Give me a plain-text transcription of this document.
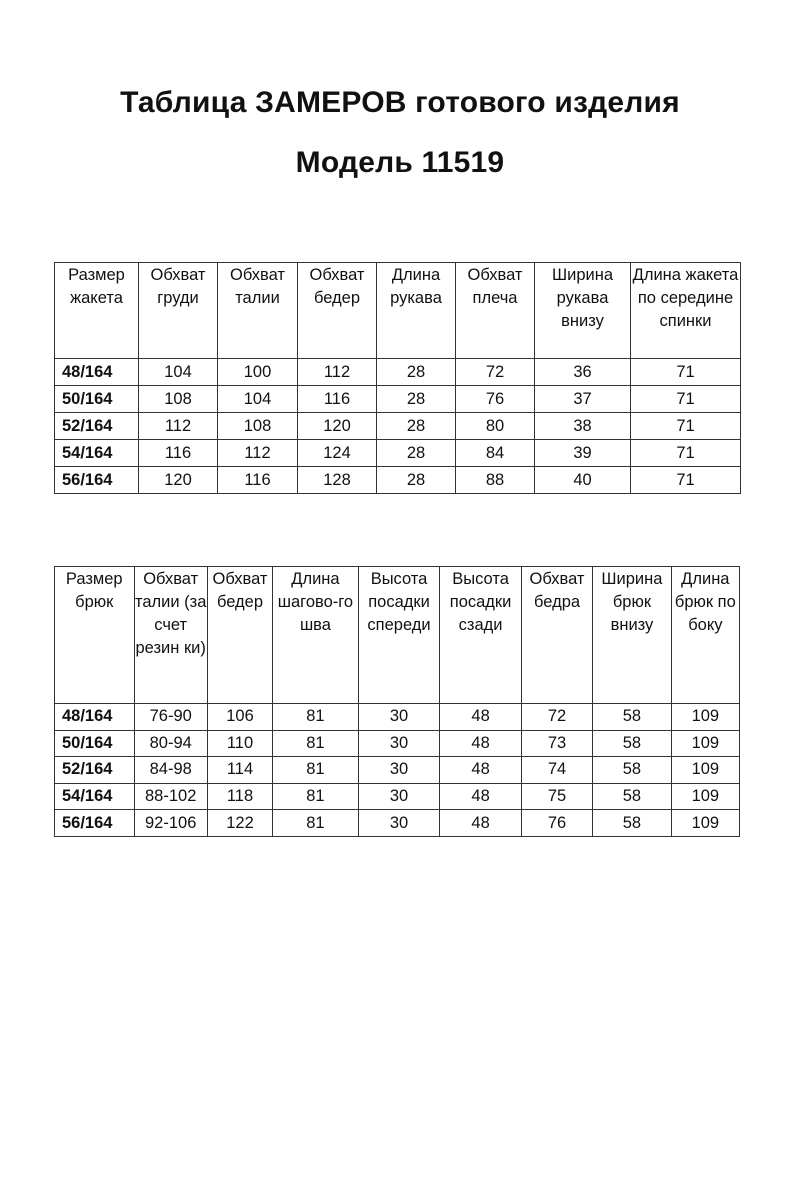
Таблица ЗАМЕРОВ готового изделия
Модель 11519
Размер жакета	Обхват груди	Обхват талии	Обхват бедер	Длина рукава	Обхват плеча	Ширина рукава внизу	Длина жакета по середине спинки
48/164	104	100	112	28	72	36	71
50/164	108	104	116	28	76	37	71
52/164	112	108	120	28	80	38	71
54/164	116	112	124	28	84	39	71
56/164	120	116	128	28	88	40	71
Размер брюк	Обхват талии (за счет резин ки)	Обхват бедер	Длина шагово-го шва	Высота посадки спереди	Высота посадки сзади	Обхват бедра	Ширина брюк внизу	Длина брюк по боку
48/164	76-90	106	81	30	48	72	58	109
50/164	80-94	110	81	30	48	73	58	109
52/164	84-98	114	81	30	48	74	58	109
54/164	88-102	118	81	30	48	75	58	109
56/164	92-106	122	81	30	48	76	58	109
